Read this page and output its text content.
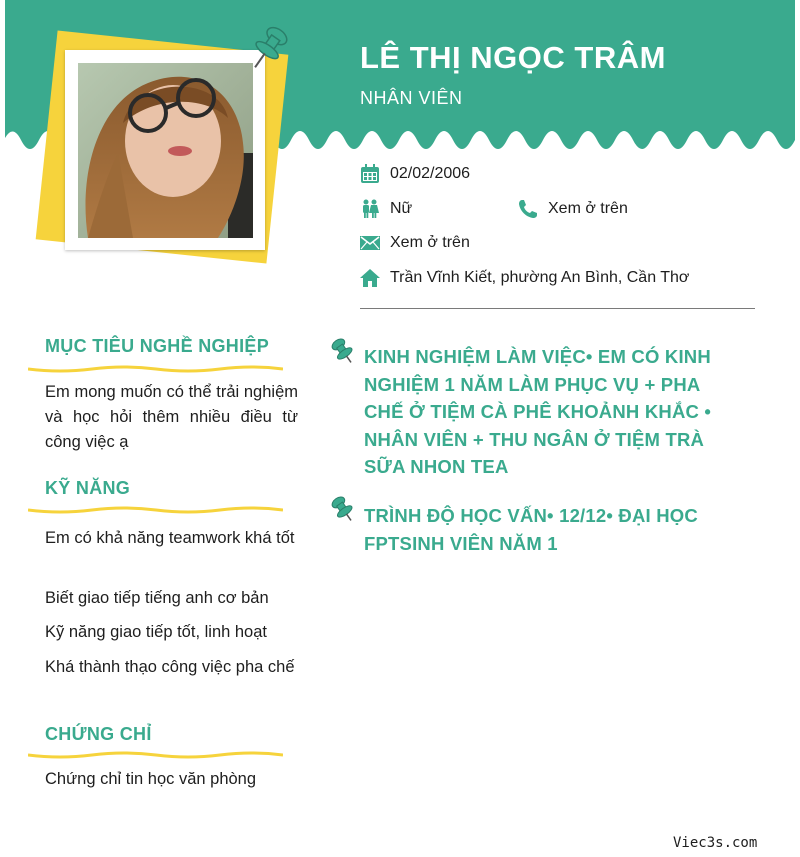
LÊ THỊ NGỌC TRÂM
NHÂN VIÊN
02/02/2006
Nữ	Xem ở trên
Xem ở trên
Trần Vĩnh Kiết, phường An Bình, Cần Thơ
MỤC TIÊU NGHỀ NGHIỆP
Em mong muốn có thể trải nghiệm và học hỏi thêm nhiều điều từ công việc ạ
KỸ NĂNG
Em có khả năng teamwork khá tốt
Biết giao tiếp tiếng anh cơ bản
Kỹ năng giao tiếp tốt, linh hoạt
Khá thành thạo công việc pha chế
CHỨNG CHỈ
Chứng chỉ tin học văn phòng
KINH NGHIỆM LÀM VIỆC• EM CÓ KINH NGHIỆM 1 NĂM LÀM PHỤC VỤ + PHA CHẾ Ở TIỆM CÀ PHÊ KHOẢNH KHẮC • NHÂN VIÊN + THU NGÂN Ở TIỆM TRÀ SỮA NHON TEA
TRÌNH ĐỘ HỌC VẤN• 12/12• ĐẠI HỌC FPTSINH VIÊN NĂM 1
Viec3s.com
